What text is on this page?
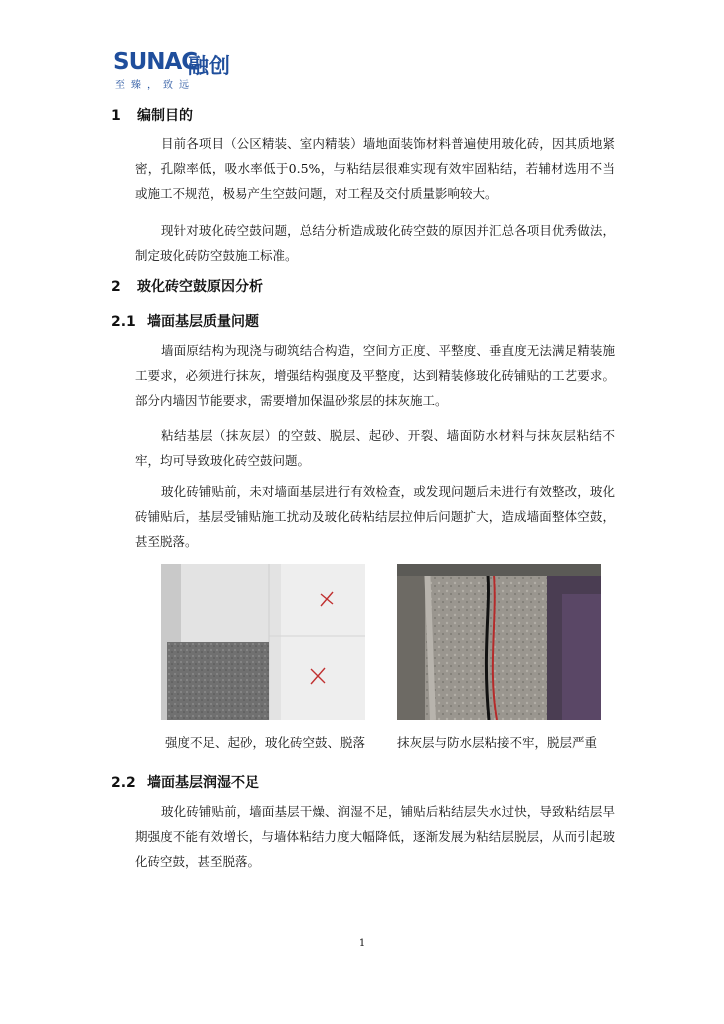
SUNAC
融创
至臻，致远
1 编制目的

目前各项目（公区精装、室内精装）墙地面装饰材料普遍使用玻化砖，因其质地紧密，孔隙率低，吸水率低于0.5%，与粘结层很难实现有效牢固粘结，若辅材选用不当或施工不规范，极易产生空鼓问题，对工程及交付质量影响较大。

现针对玻化砖空鼓问题，总结分析造成玻化砖空鼓的原因并汇总各项目优秀做法，制定玻化砖防空鼓施工标准。

2 玻化砖空鼓原因分析
2.1 墙面基层质量问题

墙面原结构为现浇与砌筑结合构造，空间方正度、平整度、垂直度无法满足精装施工要求，必须进行抹灰，增强结构强度及平整度，达到精装修玻化砖铺贴的工艺要求。部分内墙因节能要求，需要增加保温砂浆层的抹灰施工。

粘结基层（抹灰层）的空鼓、脱层、起砂、开裂、墙面防水材料与抹灰层粘结不牢，均可导致玻化砖空鼓问题。

玻化砖铺贴前，未对墙面基层进行有效检查，或发现问题后未进行有效整改，玻化砖铺贴后，基层受铺贴施工扰动及玻化砖粘结层拉伸后问题扩大，造成墙面整体空鼓，甚至脱落。

强度不足、起砂，玻化砖空鼓、脱落	抹灰层与防水层粘接不牢，脱层严重
2.2 墙面基层润湿不足

玻化砖铺贴前，墙面基层干燥、润湿不足，铺贴后粘结层失水过快，导致粘结层早期强度不能有效增长，与墙体粘结力度大幅降低，逐渐发展为粘结层脱层，从而引起玻化砖空鼓，甚至脱落。

1
